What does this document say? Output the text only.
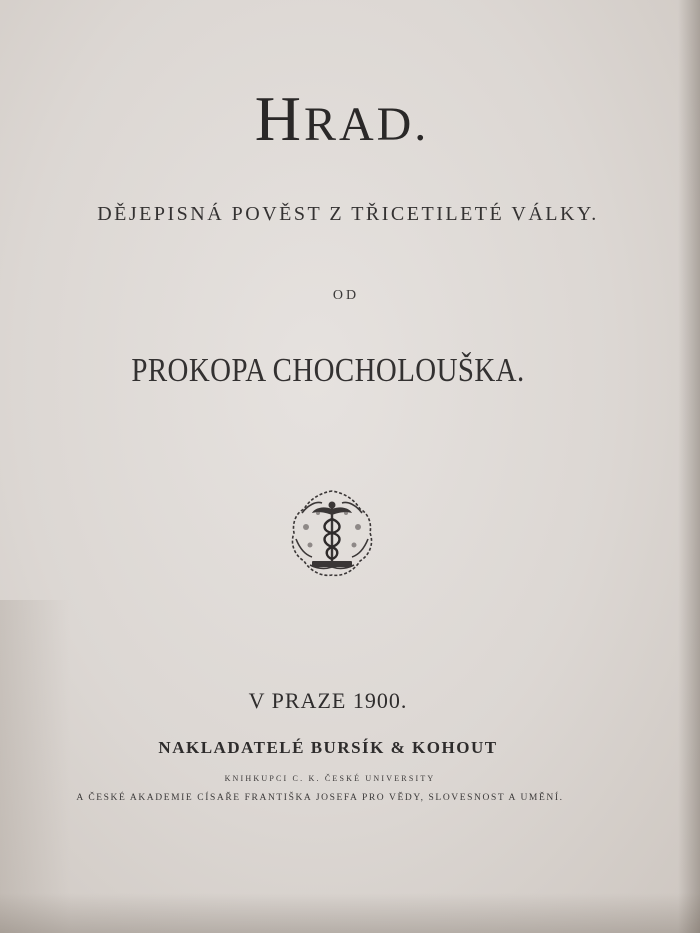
HRAD.
DĚJEPISNÁ POVĚST Z TŘICETILETÉ VÁLKY.
OD
PROKOPA CHOCHOLOUŠKA.
V PRAZE 1900.
NAKLADATELÉ BURSÍK & KOHOUT
KNIHKUPCI C. K. ČESKÉ UNIVERSITY
A ČESKÉ AKADEMIE CÍSAŘE FRANTIŠKA JOSEFA PRO VĚDY, SLOVESNOST A UMĚNÍ.
